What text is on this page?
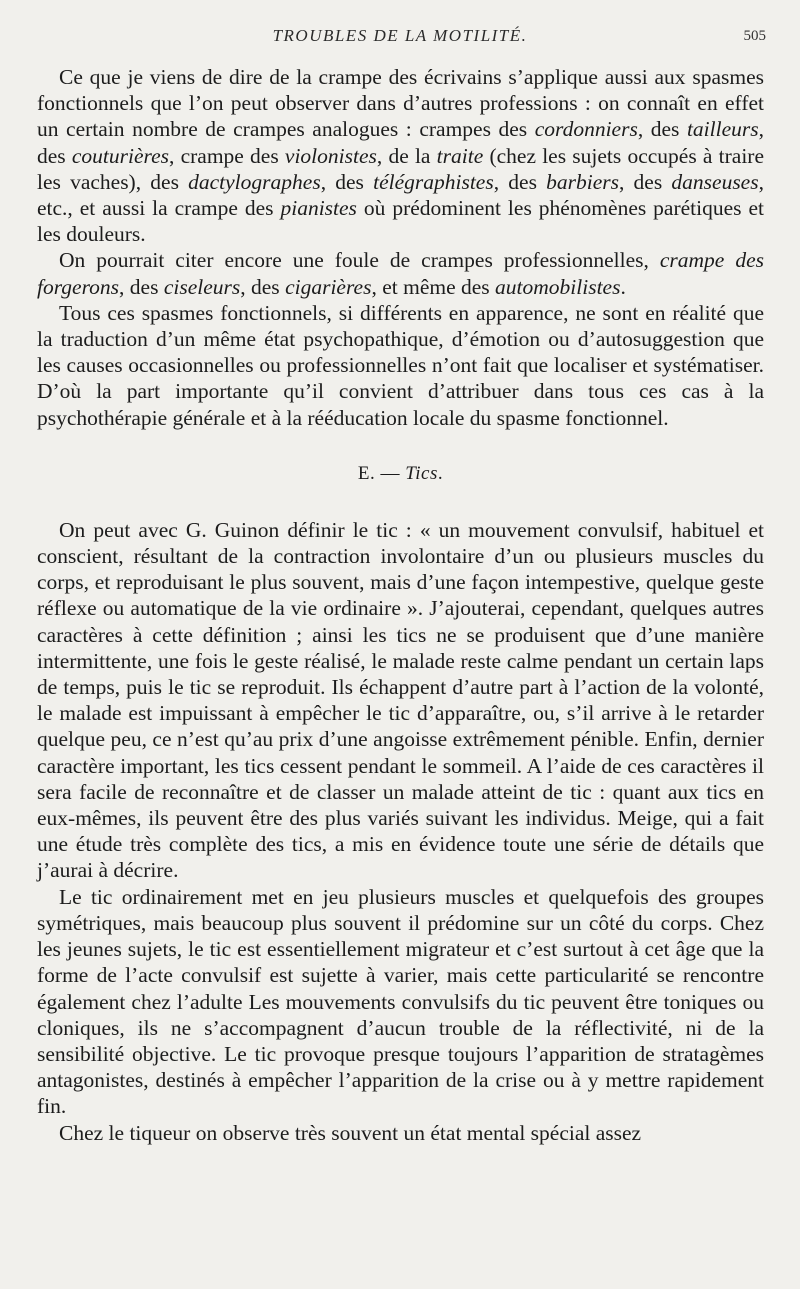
TROUBLES DE LA MOTILITÉ.	505

Ce que je viens de dire de la crampe des écrivains s’applique aussi aux spasmes fonctionnels que l’on peut observer dans d’autres professions : on connaît en effet un certain nombre de crampes analogues : crampes des cordonniers, des tailleurs, des couturières, crampe des violonistes, de la traite (chez les sujets occupés à traire les vaches), des dactylographes, des télégraphistes, des barbiers, des danseuses, etc., et aussi la crampe des pianistes où prédominent les phénomènes parétiques et les douleurs.

On pourrait citer encore une foule de crampes professionnelles, crampe des forgerons, des ciseleurs, des cigarières, et même des automobilistes.

Tous ces spasmes fonctionnels, si différents en apparence, ne sont en réalité que la traduction d’un même état psychopathique, d’émotion ou d’autosuggestion que les causes occasionnelles ou professionnelles n’ont fait que localiser et systématiser. D’où la part importante qu’il convient d’attribuer dans tous ces cas à la psychothérapie générale et à la rééducation locale du spasme fonctionnel.

E. — Tics.

On peut avec G. Guinon définir le tic : « un mouvement convulsif, habituel et conscient, résultant de la contraction involontaire d’un ou plusieurs muscles du corps, et reproduisant le plus souvent, mais d’une façon intempestive, quelque geste réflexe ou automatique de la vie ordinaire ». J’ajouterai, cependant, quelques autres caractères à cette définition ; ainsi les tics ne se produisent que d’une manière intermittente, une fois le geste réalisé, le malade reste calme pendant un certain laps de temps, puis le tic se reproduit. Ils échappent d’autre part à l’action de la volonté, le malade est impuissant à empêcher le tic d’apparaître, ou, s’il arrive à le retarder quelque peu, ce n’est qu’au prix d’une angoisse extrêmement pénible. Enfin, dernier caractère important, les tics cessent pendant le sommeil. A l’aide de ces caractères il sera facile de reconnaître et de classer un malade atteint de tic : quant aux tics en eux-mêmes, ils peuvent être des plus variés suivant les individus. Meige, qui a fait une étude très complète des tics, a mis en évidence toute une série de détails que j’aurai à décrire.

Le tic ordinairement met en jeu plusieurs muscles et quelquefois des groupes symétriques, mais beaucoup plus souvent il prédomine sur un côté du corps. Chez les jeunes sujets, le tic est essentiellement migrateur et c’est surtout à cet âge que la forme de l’acte convulsif est sujette à varier, mais cette particularité se rencontre également chez l’adulte Les mouvements convulsifs du tic peuvent être toniques ou cloniques, ils ne s’accompagnent d’aucun trouble de la réflectivité, ni de la sensibilité objective. Le tic provoque presque toujours l’apparition de stratagèmes antagonistes, destinés à empêcher l’apparition de la crise ou à y mettre rapidement fin.

Chez le tiqueur on observe très souvent un état mental spécial assez
